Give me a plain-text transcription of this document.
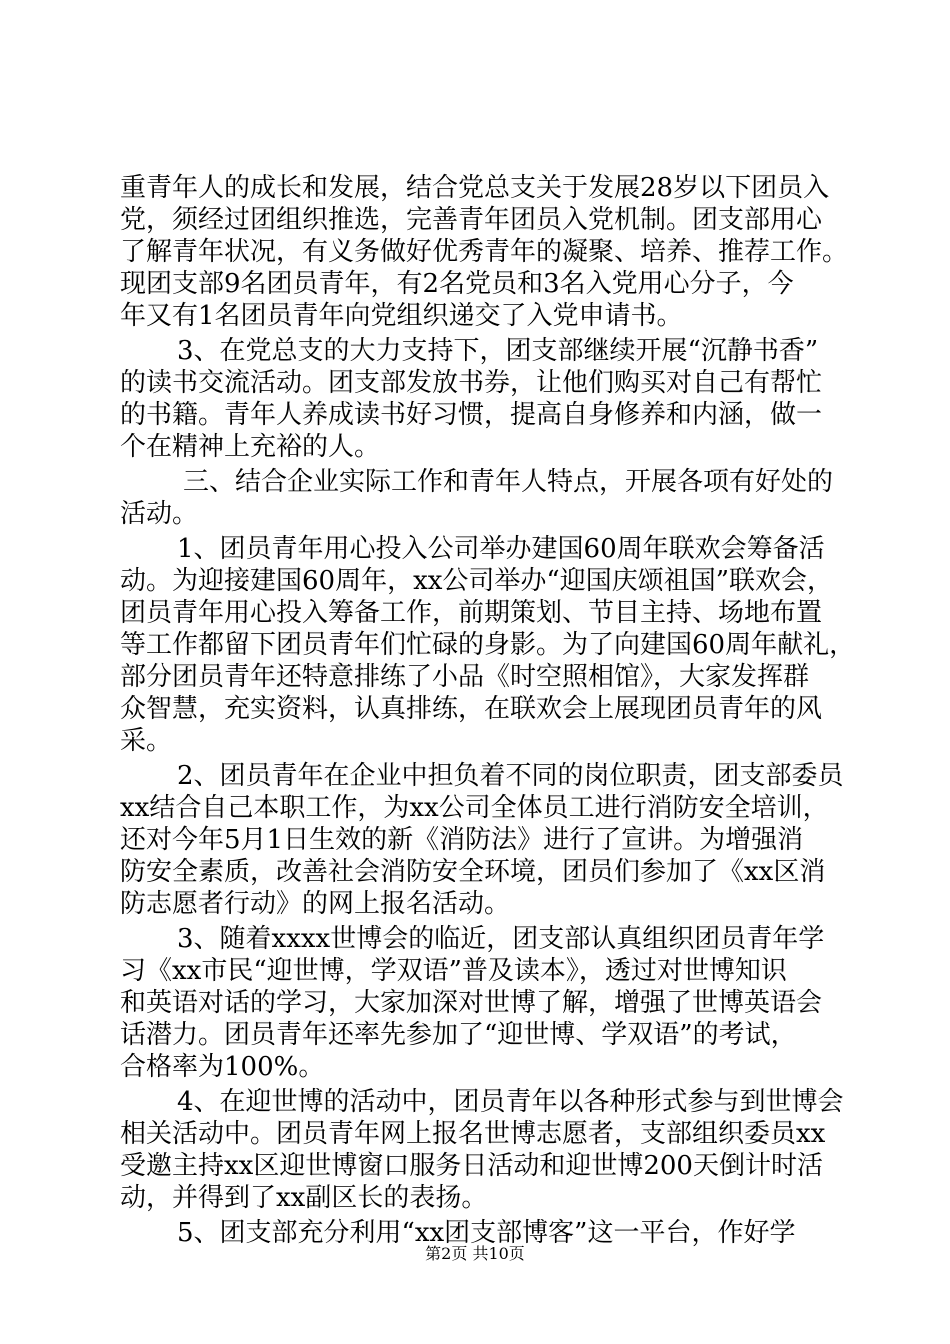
重青年人的成长和发展，结合党总支关于发展28岁以下团员入
党，须经过团组织推选，完善青年团员入党机制。团支部用心
了解青年状况，有义务做好优秀青年的凝聚、培养、推荐工作。
现团支部9名团员青年，有2名党员和3名入党用心分子，今
年又有1名团员青年向党组织递交了入党申请书。
3、在党总支的大力支持下，团支部继续开展“沉静书香”
的读书交流活动。团支部发放书券，让他们购买对自己有帮忙
的书籍。青年人养成读书好习惯，提高自身修养和内涵，做一
个在精神上充裕的人。
三、结合企业实际工作和青年人特点，开展各项有好处的
活动。
1、团员青年用心投入公司举办建国60周年联欢会筹备活
动。为迎接建国60周年，xx公司举办“迎国庆颂祖国”联欢会，
团员青年用心投入筹备工作，前期策划、节目主持、场地布置
等工作都留下团员青年们忙碌的身影。为了向建国60周年献礼，
部分团员青年还特意排练了小品《时空照相馆》，大家发挥群
众智慧，充实资料，认真排练，在联欢会上展现团员青年的风
采。
2、团员青年在企业中担负着不同的岗位职责，团支部委员
xx结合自己本职工作，为xx公司全体员工进行消防安全培训，
还对今年5月1日生效的新《消防法》进行了宣讲。为增强消
防安全素质，改善社会消防安全环境，团员们参加了《xx区消
防志愿者行动》的网上报名活动。
3、随着xxxx世博会的临近，团支部认真组织团员青年学
习《xx市民“迎世博，学双语”普及读本》，透过对世博知识
和英语对话的学习，大家加深对世博了解，增强了世博英语会
话潜力。团员青年还率先参加了“迎世博、学双语”的考试，
合格率为100%。
4、在迎世博的活动中，团员青年以各种形式参与到世博会
相关活动中。团员青年网上报名世博志愿者，支部组织委员xx
受邀主持xx区迎世博窗口服务日活动和迎世博200天倒计时活
动，并得到了xx副区长的表扬。
5、团支部充分利用“xx团支部博客”这一平台，作好学
第2页 共10页
